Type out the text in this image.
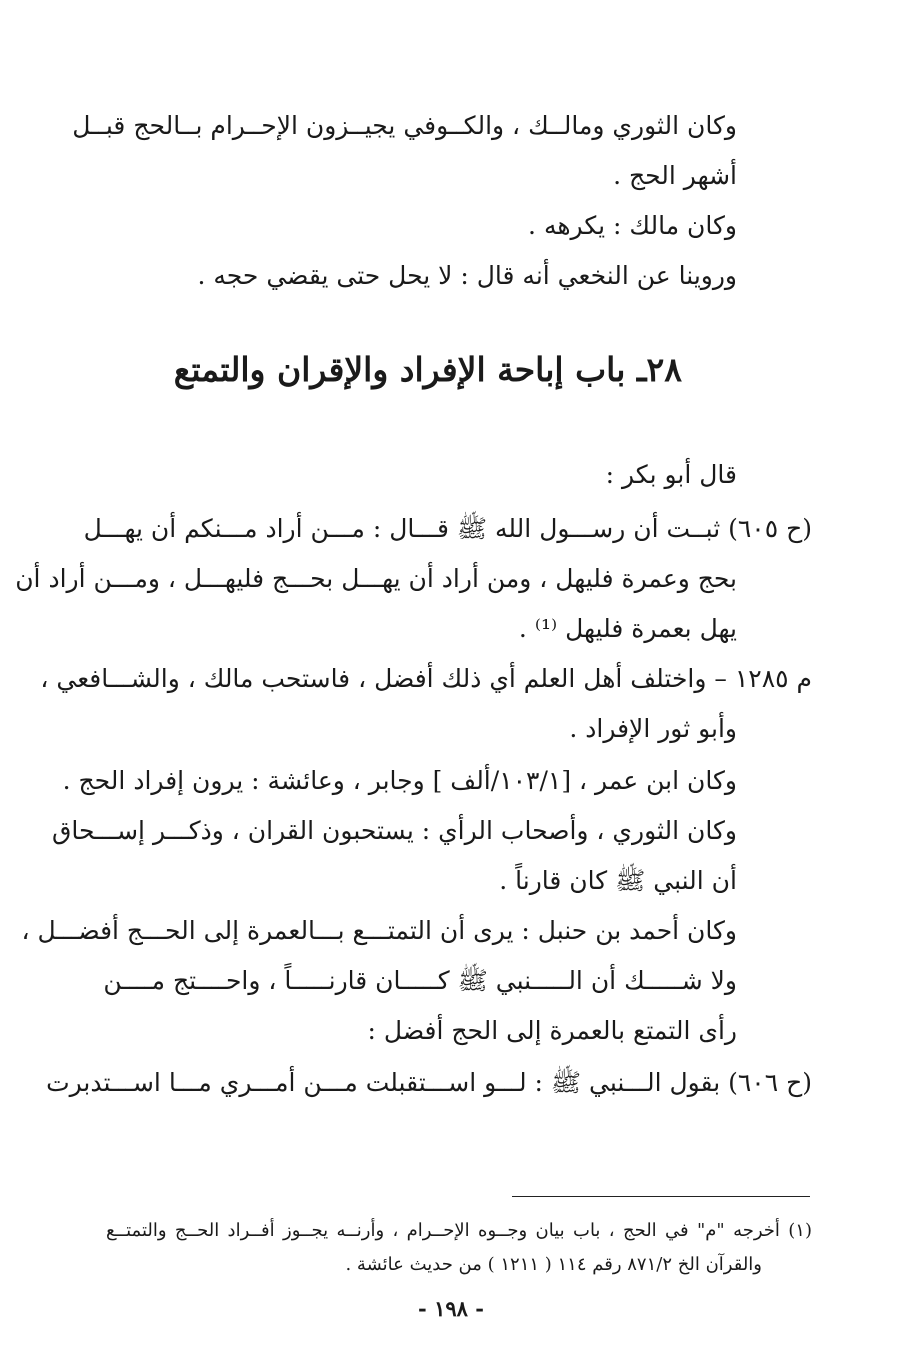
وكان الثوري ومالــك ، والكــوفي يجيــزون الإحــرام بــالحج قبــل
أشهر الحج .
وكان مالك : يكرهه .
وروينا عن النخعي أنه قال : لا يحل حتى يقضي حجه .
٢٨ـ باب إباحة الإفراد والإقران والتمتع
قال أبو بكر :
(ح ٦٠٥) ثبــت أن رســـول الله ﷺ قـــال : مـــن أراد مـــنكم أن يهـــل
بحج وعمرة فليهل ، ومن أراد أن يهـــل بحـــج فليهـــل ، ومـــن أراد أن
يهل بعمرة فليهل ⁽¹⁾ .
م ١٢٨٥ – واختلف أهل العلم أي ذلك أفضل ، فاستحب مالك ، والشـــافعي ،
وأبو ثور الإفراد .
وكان ابن عمر ، [١٠٣/١/ألف ] وجابر ، وعائشة : يرون إفراد الحج .
وكان الثوري ، وأصحاب الرأي : يستحبون القران ، وذكـــر إســـحاق
أن النبي ﷺ كان قارناً .
وكان أحمد بن حنبل : يرى أن التمتـــع بـــالعمرة إلى الحـــج أفضـــل ،
ولا شـــــك أن الـــــنبي ﷺ كـــــان قارنـــــاً ، واحــــتج مــــن
رأى التمتع بالعمرة إلى الحج أفضل :
(ح ٦٠٦) بقول الـــنبي ﷺ : لـــو اســـتقبلت مـــن أمـــري مـــا اســـتدبرت
(١) أخرجه "م" في الحج ، باب بيان وجــوه الإحــرام ، وأرنــه يجــوز أفــراد الحــج والتمتــع
والقرآن الخ ٨٧١/٢ رقم ١١٤ ( ١٢١١ ) من حديث عائشة .
- ١٩٨ -
